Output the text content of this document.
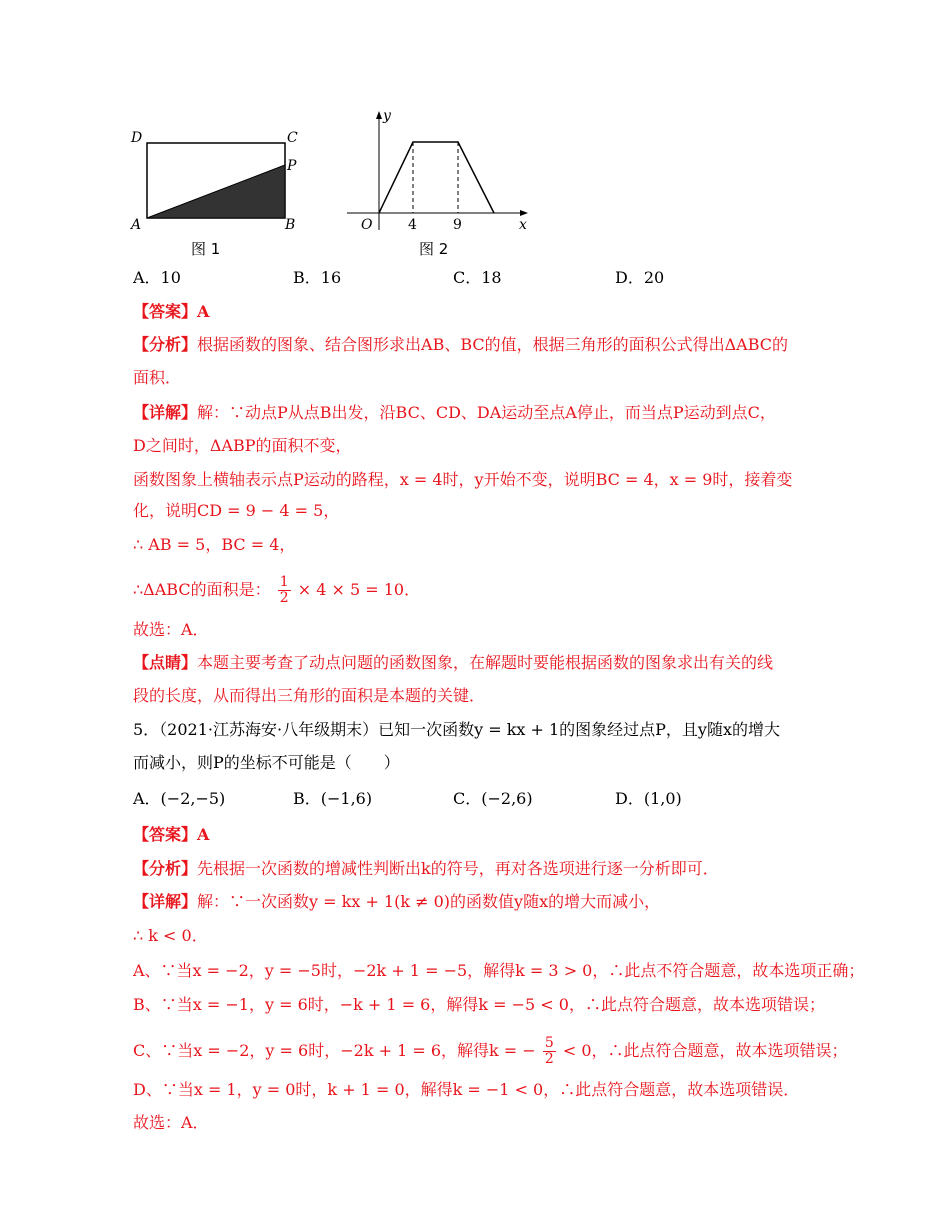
D	C
P
A	B
图 1
y
x
O	4	9
图 2
A．10	B．16	C．18	D．20
【答案】A
【分析】根据函数的图象、结合图形求出AB、BC的值，根据三角形的面积公式得出ΔABC的
面积．
【详解】解：∵动点P从点B出发，沿BC、CD、DA运动至点A停止，而当点P运动到点C，
D之间时，ΔABP的面积不变，
函数图象上横轴表示点P运动的路程，x = 4时，y开始不变，说明BC = 4，x = 9时，接着变
化，说明CD = 9 − 4 = 5，
∴ AB = 5，BC = 4，
∴ΔABC的面积是： $\frac{1}{2} \times 4 \times 5 = 10$．
故选：A．
【点睛】本题主要考查了动点问题的函数图象，在解题时要能根据函数的图象求出有关的线
段的长度，从而得出三角形的面积是本题的关键．
5．（2021·江苏海安·八年级期末）已知一次函数y = kx + 1的图象经过点P，且y随x的增大
而减小，则P的坐标不可能是（　　）
A．(−2,−5)	B．(−1,6)	C．(−2,6)	D．(1,0)
【答案】A
【分析】先根据一次函数的增减性判断出k的符号，再对各选项进行逐一分析即可．
【详解】解：∵一次函数y = kx + 1(k ≠ 0)的函数值y随x的增大而减小，
∴ k < 0．
A、∵当x = −2，y = −5时，−2k + 1 = −5，解得k = 3 > 0，∴此点不符合题意，故本选项正确；
B、∵当x = −1，y = 6时，−k + 1 = 6，解得k = −5 < 0，∴此点符合题意，故本选项错误；
C、∵当x = −2，y = 6时，−2k + 1 = 6，解得k = − $\frac{5}{2} < 0$，∴此点符合题意，故本选项错误；
D、∵当x = 1，y = 0时，k + 1 = 0，解得k = −1 < 0，∴此点符合题意，故本选项错误．
故选：A．
